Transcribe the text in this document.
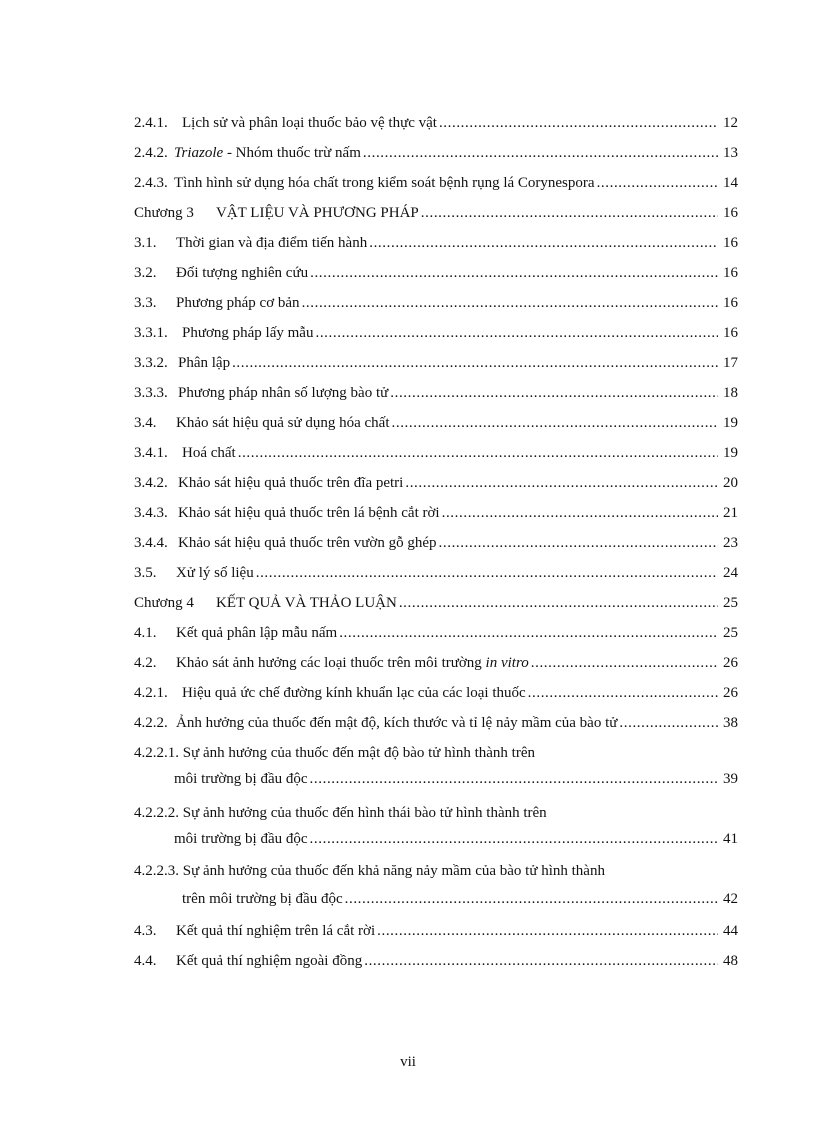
2.4.1. Lịch sử và phân loại thuốc bảo vệ thực vật .....	12
2.4.2. Triazole - Nhóm thuốc trừ nấm .....	13
2.4.3. Tình hình sử dụng hóa chất trong kiểm soát bệnh rụng lá Corynespora .....	14
Chương 3	VẬT LIỆU VÀ PHƯƠNG PHÁP .....	16
3.1.	Thời gian và địa điểm tiến hành .....	16
3.2.	Đối tượng nghiên cứu .....	16
3.3.	Phương pháp cơ bản .....	16
3.3.1. Phương pháp lấy mẫu .....	16
3.3.2. Phân lập .....	17
3.3.3. Phương pháp nhân số lượng bào tử .....	18
3.4.	Khảo sát hiệu quả sử dụng hóa chất .....	19
3.4.1. Hoá chất .....	19
3.4.2. Khảo sát hiệu quả thuốc trên đĩa petri .....	20
3.4.3. Khảo sát hiệu quả thuốc trên lá bệnh cắt rời .....	21
3.4.4. Khảo sát hiệu quả thuốc trên vườn gỗ ghép .....	23
3.5.	Xử lý số liệu .....	24
Chương 4	KẾT QUẢ VÀ THẢO LUẬN .....	25
4.1.	Kết quả phân lập mẫu nấm .....	25
4.2.	Khảo sát ảnh hưởng các loại thuốc trên môi trường in vitro .....	26
4.2.1. Hiệu quả ức chế đường kính khuẩn lạc của các loại thuốc .....	26
4.2.2. Ảnh hưởng của thuốc đến mật độ, kích thước và tỉ lệ nảy mầm của bào tử .....	38
4.2.2.1. Sự ảnh hưởng của thuốc đến mật độ bào tử hình thành trên
môi trường bị đầu độc .....	39
4.2.2.2. Sự ảnh hưởng của thuốc đến hình thái bào tử hình thành trên
môi trường bị đầu độc .....	41
4.2.2.3. Sự ảnh hưởng của thuốc đến khả năng nảy mầm của bào tử hình thành
trên môi trường bị đầu độc .....	42
4.3.	Kết quả thí nghiệm trên lá cắt rời .....	44
4.4.	Kết quả thí nghiệm ngoài đồng .....	48
vii
